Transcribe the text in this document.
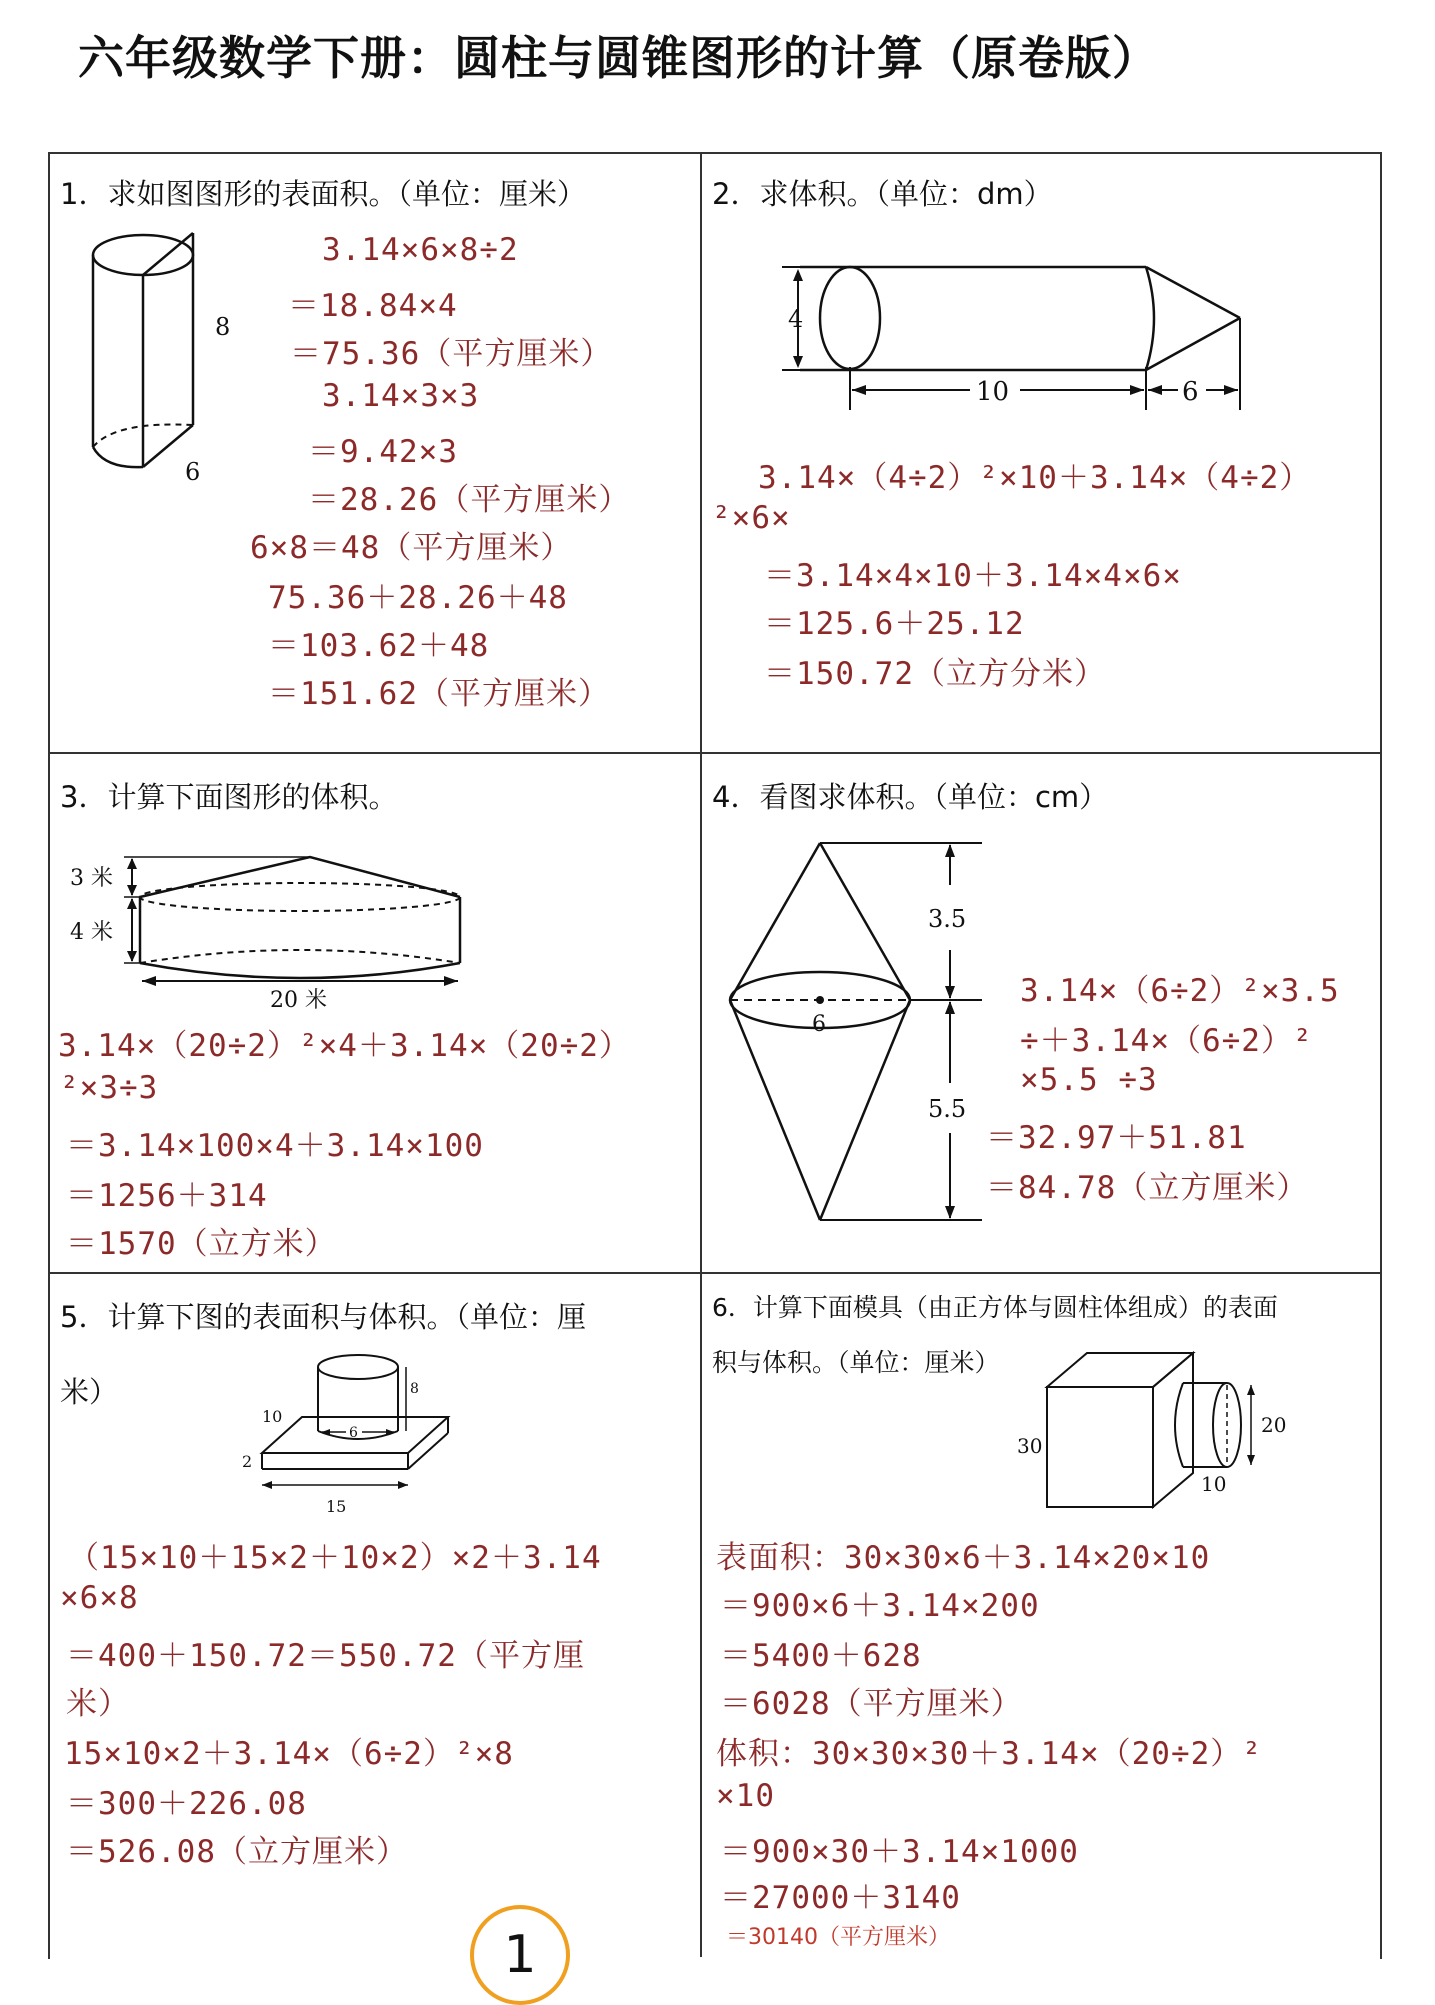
六年级数学下册：圆柱与圆锥图形的计算（原卷版）
1．求如图图形的表面积。（单位：厘米）
8
6
3.14×6×8÷2
＝18.84×4
＝75.36（平方厘米）
3.14×3×3
＝9.42×3
＝28.26（平方厘米）
6×8＝48（平方厘米）
75.36＋28.26＋48
＝103.62＋48
＝151.62（平方厘米）
2．求体积。（单位：dm）
4
10	6
3.14×（4÷2）²×10＋3.14×（4÷2）
²×6×
＝3.14×4×10＋3.14×4×6×
＝125.6＋25.12
＝150.72（立方分米）
3．计算下面图形的体积。
3 米
4 米
20 米
3.14×（20÷2）²×4＋3.14×（20÷2）
²×3÷3
＝3.14×100×4＋3.14×100
＝1256＋314
＝1570（立方米）
4．看图求体积。（单位：cm）
6
3.5
5.5
3.14×（6÷2）²×3.5
÷＋3.14×（6÷2）²
×5.5 ÷3
＝32.97＋51.81
＝84.78（立方厘米）
5．计算下图的表面积与体积。（单位：厘
米）
6
8
10
2
15
（15×10＋15×2＋10×2）×2＋3.14
×6×8
＝400＋150.72＝550.72（平方厘
米）
15×10×2＋3.14×（6÷2）²×8
＝300＋226.08
＝526.08（立方厘米）
6．计算下面模具（由正方体与圆柱体组成）的表面
积与体积。（单位：厘米）
20
30
10
表面积：30×30×6＋3.14×20×10
＝900×6＋3.14×200
＝5400＋628
＝6028（平方厘米）
体积：30×30×30＋3.14×（20÷2）²
×10
＝900×30＋3.14×1000
＝27000＋3140
1	＝30140（平方厘米）
